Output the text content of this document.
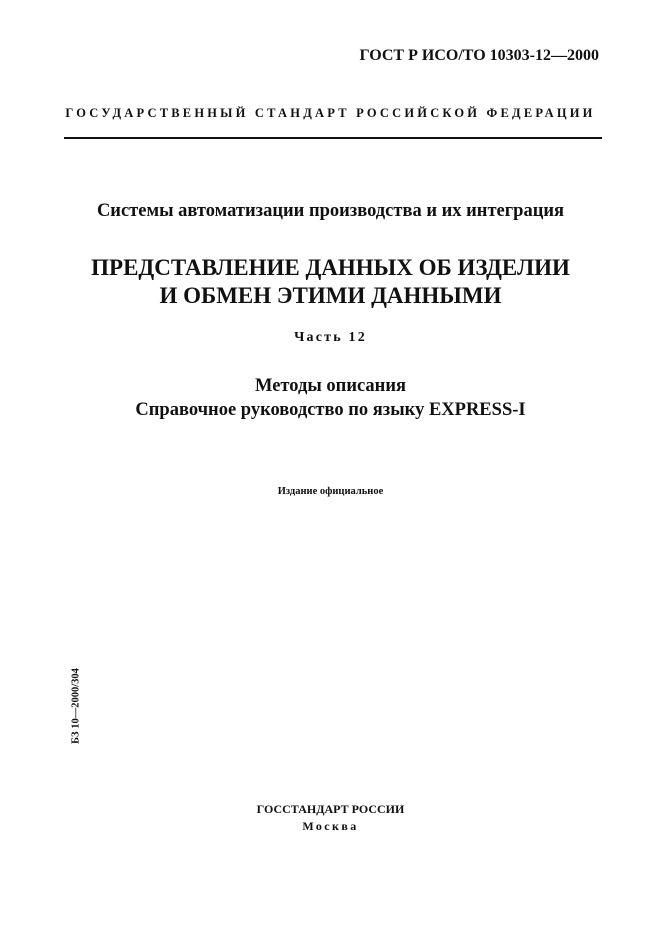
ГОСТ Р ИСО/ТО 10303-12—2000
ГОСУДАРСТВЕННЫЙ СТАНДАРТ РОССИЙСКОЙ ФЕДЕРАЦИИ
Системы автоматизации производства и их интеграция
ПРЕДСТАВЛЕНИЕ ДАННЫХ ОБ ИЗДЕЛИИ
И ОБМЕН ЭТИМИ ДАННЫМИ
Часть 12
Методы описания
Справочное руководство по языку EXPRESS-I
Издание официальное
БЗ 10—2000/304
ГОССТАНДАРТ РОССИИ
Москва
